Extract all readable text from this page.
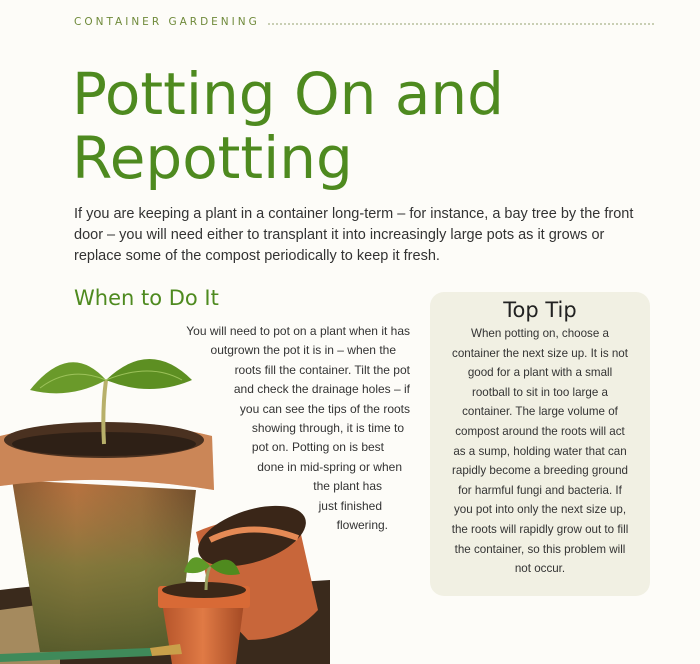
CONTAINER GARDENING
Potting On and
Repotting

If you are keeping a plant in a container long-term – for instance, a bay tree by the front door – you will need either to transplant it into increasingly large pots as it grows or replace some of the compost periodically to keep it fresh.

When to Do It
You will need to pot on a plant when it has
outgrown the pot it is in – when the
roots fill the container. Tilt the pot
and check the drainage holes – if
you can see the tips of the roots
showing through, it is time to
pot on. Potting on is best
done in mid-spring or when
the plant has
just finished
flowering.
Top Tip
When potting on, choose a
container the next size up. It is not
good for a plant with a small
rootball to sit in too large a
container. The large volume of
compost around the roots will act
as a sump, holding water that can
rapidly become a breeding ground
for harmful fungi and bacteria. If
you pot into only the next size up,
the roots will rapidly grow out to fill
the container, so this problem will
not occur.
